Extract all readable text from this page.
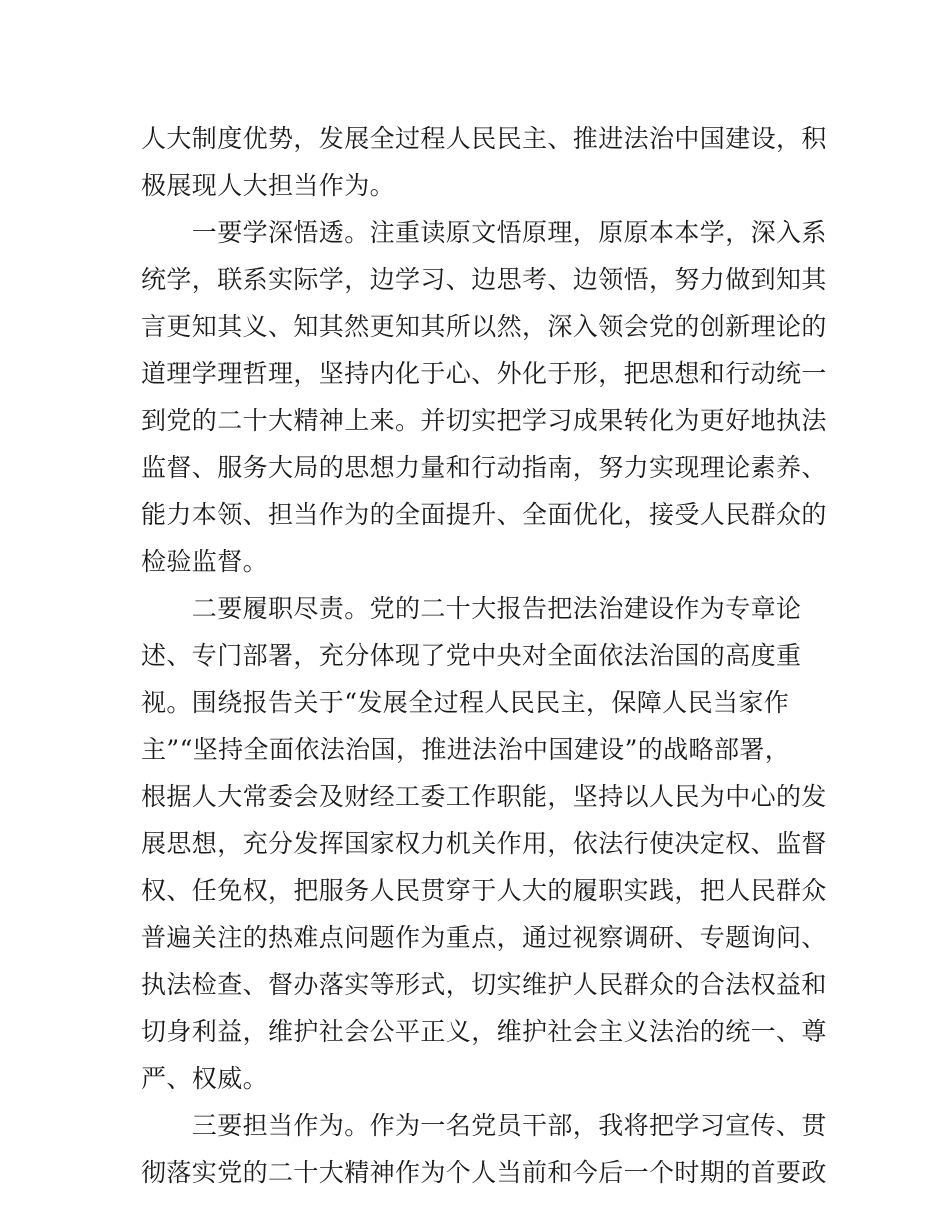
人大制度优势，发展全过程人民民主、推进法治中国建设，积
极展现人大担当作为。
　　一要学深悟透。注重读原文悟原理，原原本本学，深入系
统学，联系实际学，边学习、边思考、边领悟，努力做到知其
言更知其义、知其然更知其所以然，深入领会党的创新理论的
道理学理哲理，坚持内化于心、外化于形，把思想和行动统一
到党的二十大精神上来。并切实把学习成果转化为更好地执法
监督、服务大局的思想力量和行动指南，努力实现理论素养、
能力本领、担当作为的全面提升、全面优化，接受人民群众的
检验监督。
　　二要履职尽责。党的二十大报告把法治建设作为专章论
述、专门部署，充分体现了党中央对全面依法治国的高度重
视。围绕报告关于“发展全过程人民民主，保障人民当家作
主”“坚持全面依法治国，推进法治中国建设”的战略部署，
根据人大常委会及财经工委工作职能，坚持以人民为中心的发
展思想，充分发挥国家权力机关作用，依法行使决定权、监督
权、任免权，把服务人民贯穿于人大的履职实践，把人民群众
普遍关注的热难点问题作为重点，通过视察调研、专题询问、
执法检查、督办落实等形式，切实维护人民群众的合法权益和
切身利益，维护社会公平正义，维护社会主义法治的统一、尊
严、权威。
　　三要担当作为。作为一名党员干部，我将把学习宣传、贯
彻落实党的二十大精神作为个人当前和今后一个时期的首要政
